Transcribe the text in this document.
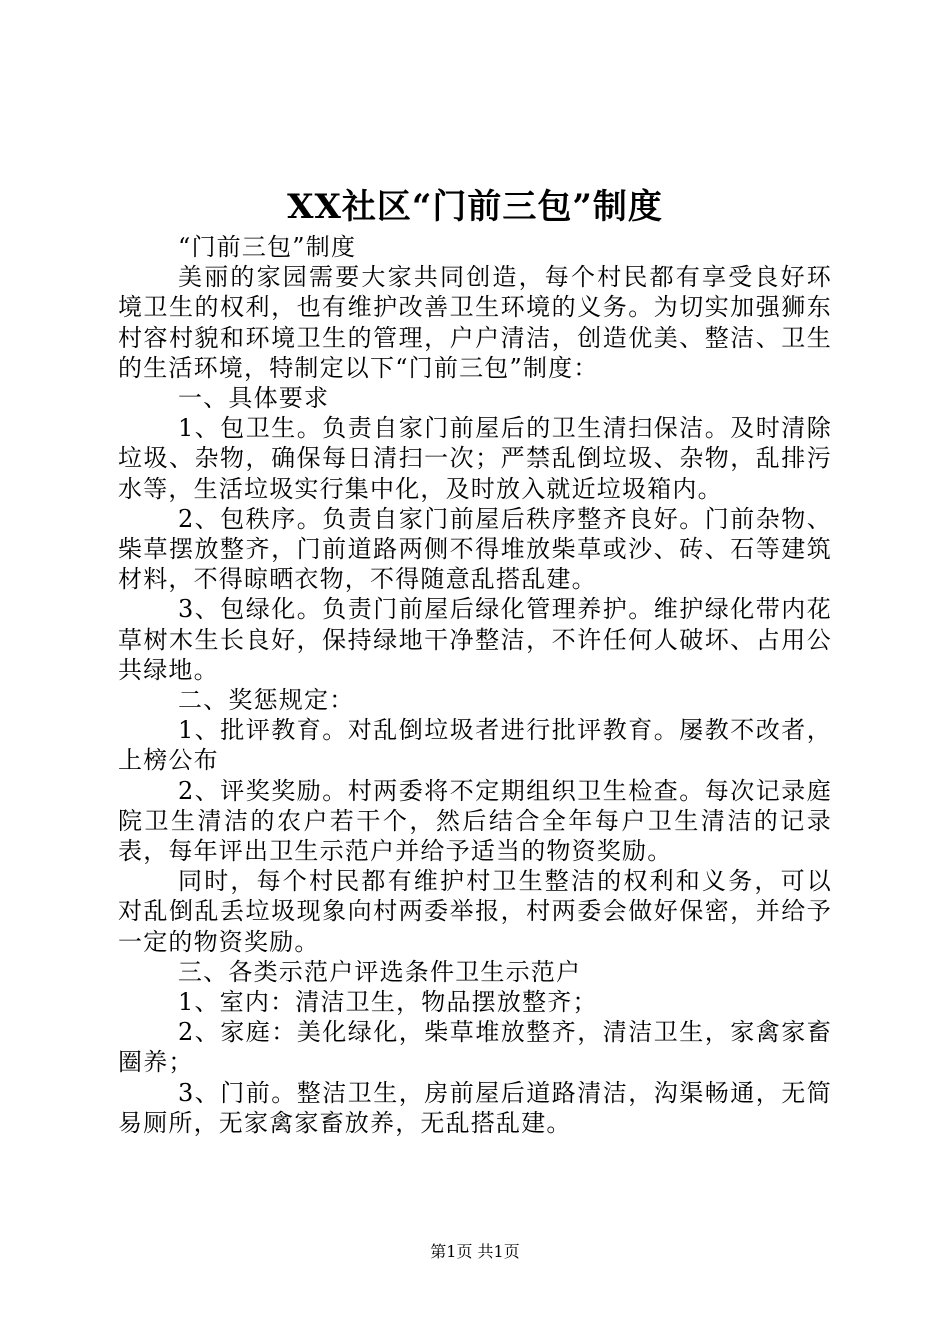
XX社区“门前三包”制度

“门前三包”制度

美丽的家园需要大家共同创造，每个村民都有享受良好环境卫生的权利，也有维护改善卫生环境的义务。为切实加强狮东村容村貌和环境卫生的管理，户户清洁，创造优美、整洁、卫生的生活环境，特制定以下“门前三包”制度：

一、具体要求

1、包卫生。负责自家门前屋后的卫生清扫保洁。及时清除垃圾、杂物，确保每日清扫一次；严禁乱倒垃圾、杂物，乱排污水等，生活垃圾实行集中化，及时放入就近垃圾箱内。

2、包秩序。负责自家门前屋后秩序整齐良好。门前杂物、柴草摆放整齐，门前道路两侧不得堆放柴草或沙、砖、石等建筑材料，不得晾晒衣物，不得随意乱搭乱建。

3、包绿化。负责门前屋后绿化管理养护。维护绿化带内花草树木生长良好，保持绿地干净整洁，不许任何人破坏、占用公共绿地。

二、奖惩规定：

1、批评教育。对乱倒垃圾者进行批评教育。屡教不改者，上榜公布

2、评奖奖励。村两委将不定期组织卫生检查。每次记录庭院卫生清洁的农户若干个，然后结合全年每户卫生清洁的记录表，每年评出卫生示范户并给予适当的物资奖励。

同时，每个村民都有维护村卫生整洁的权利和义务，可以对乱倒乱丢垃圾现象向村两委举报，村两委会做好保密，并给予一定的物资奖励。

三、各类示范户评选条件卫生示范户

1、室内：清洁卫生，物品摆放整齐；

2、家庭：美化绿化，柴草堆放整齐，清洁卫生，家禽家畜圈养；

3、门前。整洁卫生，房前屋后道路清洁，沟渠畅通，无简易厕所，无家禽家畜放养，无乱搭乱建。

第1页 共1页
